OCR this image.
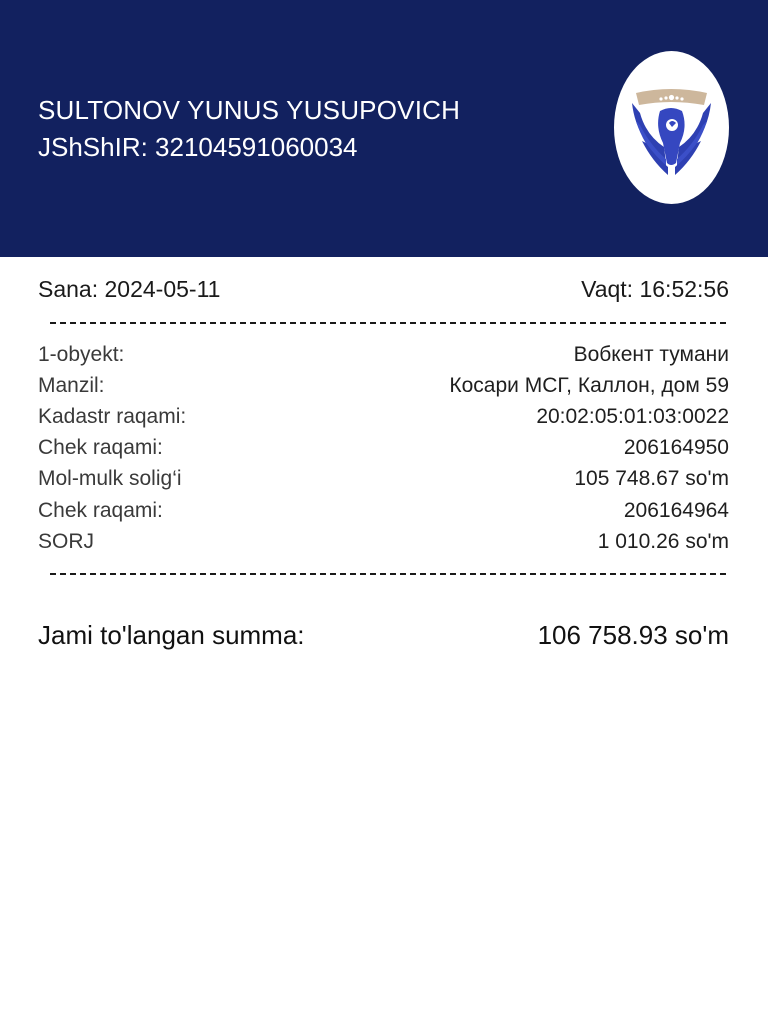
SULTONOV YUNUS YUSUPOVICH
JShShIR: 32104591060034
Sana: 2024-05-11	Vaqt: 16:52:56
1-obyekt:	Вобкент тумани
Manzil:	Косари МСГ, Каллон, дом 59
Kadastr raqami:	20:02:05:01:03:0022
Chek raqami:	206164950
Mol-mulk solig‘i	105 748.67 so'm
Chek raqami:	206164964
SORJ	1 010.26 so'm
Jami to'langan summa:	106 758.93 so'm
